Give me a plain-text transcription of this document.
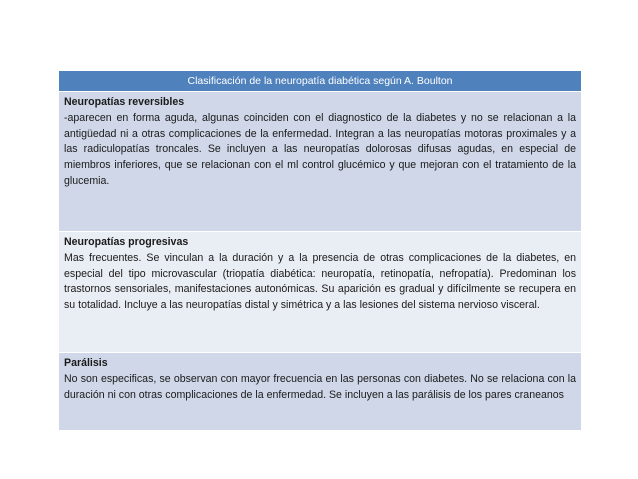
Clasificación de la neuropatía diabética según A. Boulton
Neuropatías reversibles
-aparecen en forma aguda, algunas coinciden con el diagnostico de la diabetes y no se relacionan a la antigüedad ni a otras complicaciones de la enfermedad. Integran a las neuropatías motoras proximales y a las radiculopatías troncales. Se incluyen a las neuropatías dolorosas difusas agudas, en especial de miembros inferiores, que se relacionan con el ml control glucémico y que mejoran con el tratamiento de la glucemia.
Neuropatías progresivas
Mas frecuentes. Se vinculan a la duración y a la presencia de otras complicaciones de la diabetes, en especial del tipo microvascular (triopatía diabética: neuropatía, retinopatía, nefropatía). Predominan los trastornos sensoriales, manifestaciones autonómicas. Su aparición es gradual y difícilmente se recupera en su totalidad. Incluye a las neuropatías distal y simétrica y a las lesiones del sistema nervioso visceral.
Parálisis
No son especificas, se observan con mayor frecuencia en las personas con diabetes. No se relaciona con la duración ni con otras complicaciones de la enfermedad. Se incluyen a las parálisis de los pares craneanos
